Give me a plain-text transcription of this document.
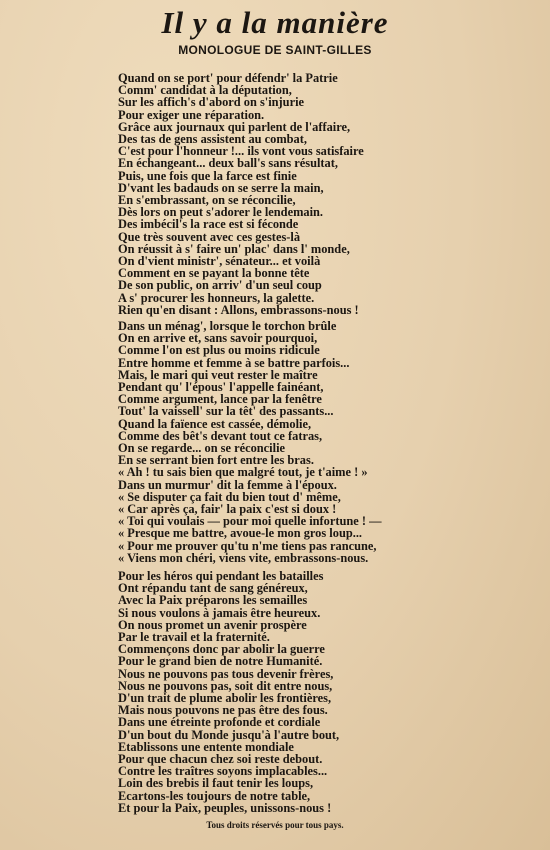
Il y a la manière
MONOLOGUE DE SAINT-GILLES
Quand on se port' pour défendr' la Patrie
Comm' candidat à la députation,
Sur les affich's d'abord on s'injurie
Pour exiger une réparation.
Grâce aux journaux qui parlent de l'affaire,
Des tas de gens assistent au combat,
C'est pour l'honneur !... ils vont vous satisfaire
En échangeant... deux ball's sans résultat,
Puis, une fois que la farce est finie
D'vant les badauds on se serre la main,
En s'embrassant, on se réconcilie,
Dès lors on peut s'adorer le lendemain.
Des imbécil's la race est si féconde
Que très souvent avec ces gestes-là
On réussit à s' faire un' plac' dans l' monde,
On d'vient ministr', sénateur... et voilà
Comment en se payant la bonne tête
De son public, on arriv' d'un seul coup
A s' procurer les honneurs, la galette.
Rien qu'en disant : Allons, embrassons-nous !
Dans un ménag', lorsque le torchon brûle
On en arrive et, sans savoir pourquoi,
Comme l'on est plus ou moins ridicule
Entre homme et femme à se battre parfois...
Mais, le mari qui veut rester le maître
Pendant qu' l'épous' l'appelle fainéant,
Comme argument, lance par la fenêtre
Tout' la vaissell' sur la têt' des passants...
Quand la faïence est cassée, démolie,
Comme des bêt's devant tout ce fatras,
On se regarde... on se réconcilie
En se serrant bien fort entre les bras.
« Ah ! tu sais bien que malgré tout, je t'aime ! »
Dans un murmur' dit la femme à l'époux.
« Se disputer ça fait du bien tout d' même,
« Car après ça, fair' la paix c'est si doux !
« Toi qui voulais — pour moi quelle infortune ! —
« Presque me battre, avoue-le mon gros loup...
« Pour me prouver qu'tu n'me tiens pas rancune,
« Viens mon chéri, viens vite, embrassons-nous.
Pour les héros qui pendant les batailles
Ont répandu tant de sang généreux,
Avec la Paix préparons les semailles
Si nous voulons à jamais être heureux.
On nous promet un avenir prospère
Par le travail et la fraternité.
Commençons donc par abolir la guerre
Pour le grand bien de notre Humanité.
Nous ne pouvons pas tous devenir frères,
Nous ne pouvons pas, soit dit entre nous,
D'un trait de plume abolir les frontières,
Mais nous pouvons ne pas être des fous.
Dans une étreinte profonde et cordiale
D'un bout du Monde jusqu'à l'autre bout,
Etablissons une entente mondiale
Pour que chacun chez soi reste debout.
Contre les traîtres soyons implacables...
Loin des brebis il faut tenir les loups,
Ecartons-les toujours de notre table,
Et pour la Paix, peuples, unissons-nous !
Tous droits réservés pour tous pays.
